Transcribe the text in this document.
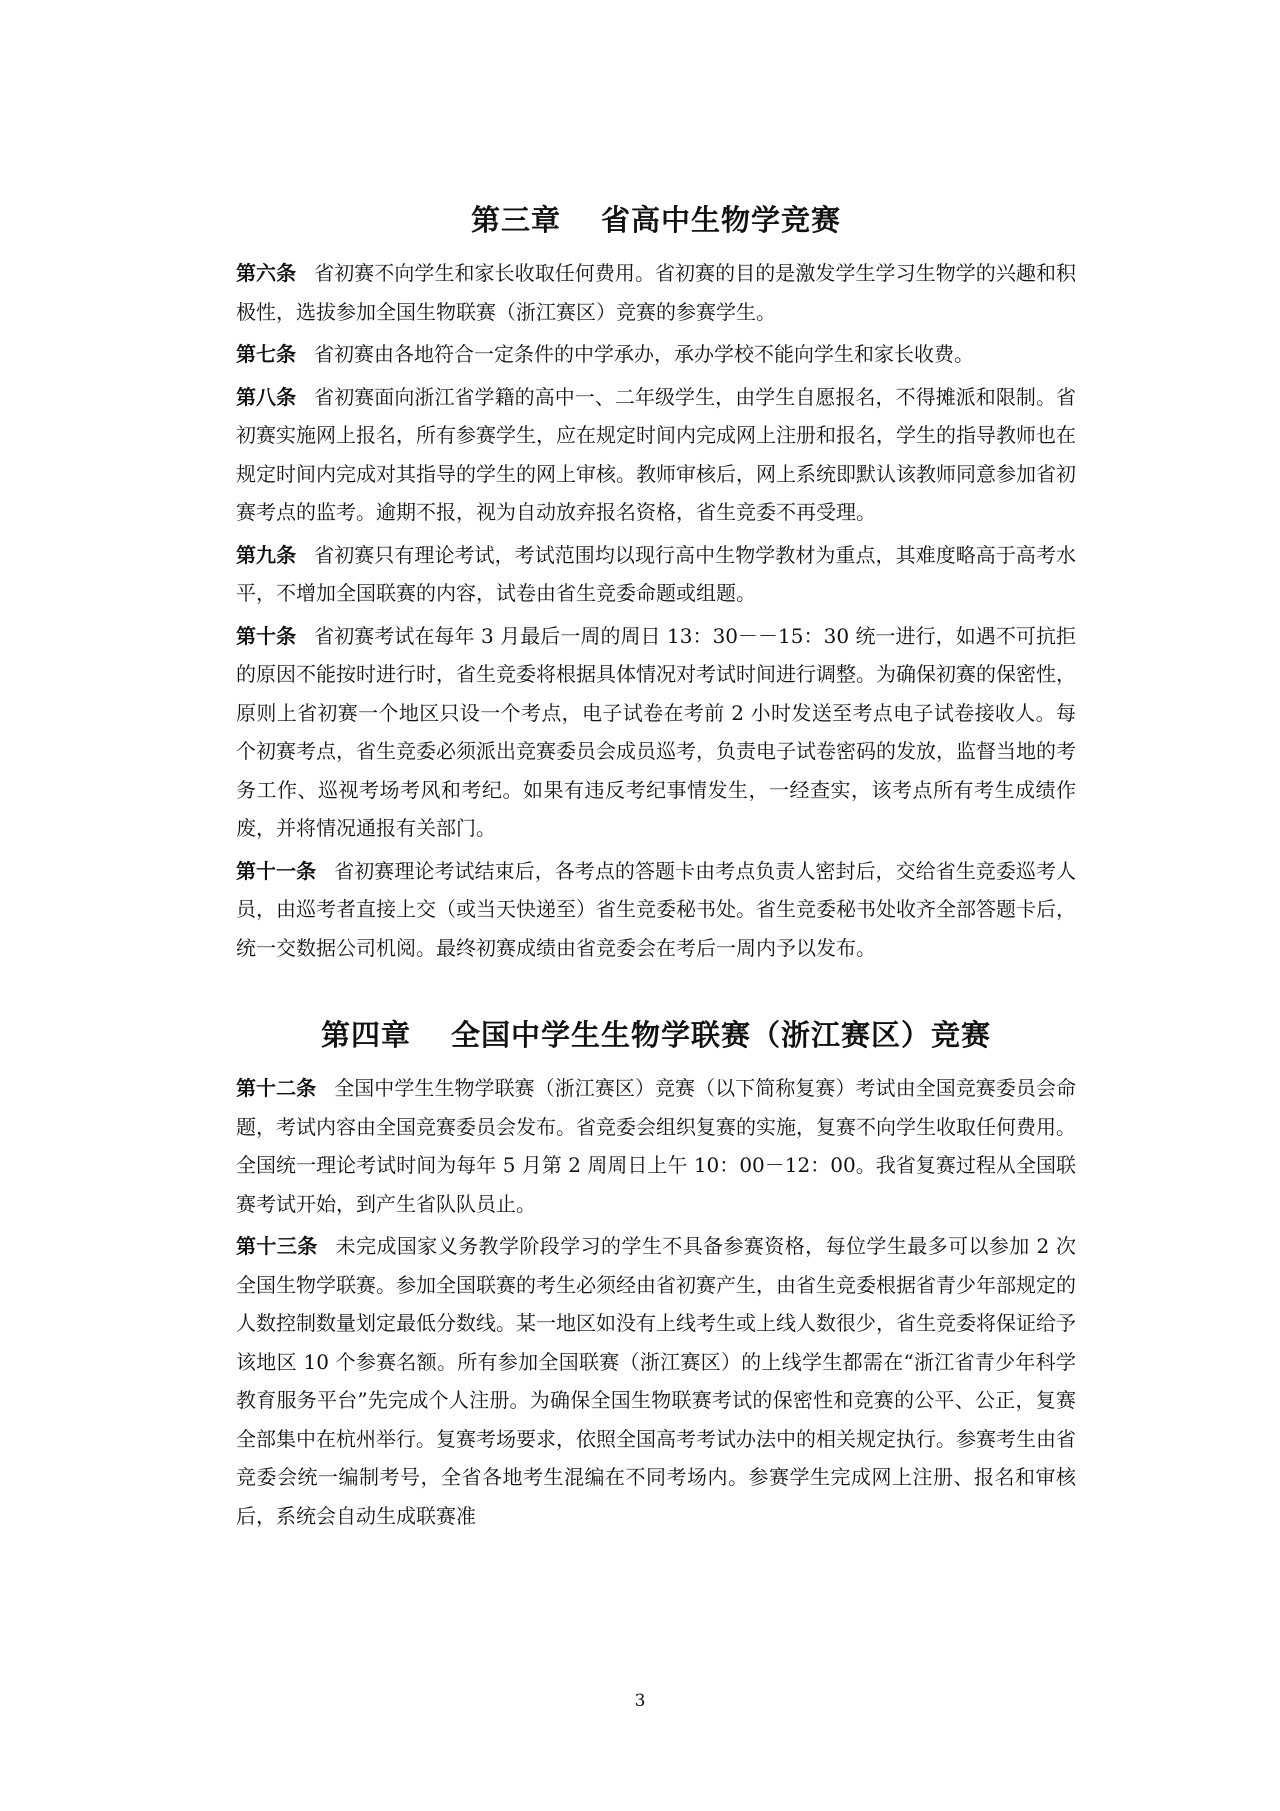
第三章 省高中生物学竞赛

第六条 省初赛不向学生和家长收取任何费用。省初赛的目的是激发学生学习生物学的兴趣和积极性，选拔参加全国生物联赛（浙江赛区）竞赛的参赛学生。

第七条 省初赛由各地符合一定条件的中学承办，承办学校不能向学生和家长收费。

第八条 省初赛面向浙江省学籍的高中一、二年级学生，由学生自愿报名，不得摊派和限制。省初赛实施网上报名，所有参赛学生，应在规定时间内完成网上注册和报名，学生的指导教师也在规定时间内完成对其指导的学生的网上审核。教师审核后，网上系统即默认该教师同意参加省初赛考点的监考。逾期不报，视为自动放弃报名资格，省生竞委不再受理。

第九条 省初赛只有理论考试，考试范围均以现行高中生物学教材为重点，其难度略高于高考水平，不增加全国联赛的内容，试卷由省生竞委命题或组题。

第十条 省初赛考试在每年 3 月最后一周的周日 13：30－－15：30 统一进行，如遇不可抗拒的原因不能按时进行时，省生竞委将根据具体情况对考试时间进行调整。为确保初赛的保密性，原则上省初赛一个地区只设一个考点，电子试卷在考前 2 小时发送至考点电子试卷接收人。每个初赛考点，省生竞委必须派出竞赛委员会成员巡考，负责电子试卷密码的发放，监督当地的考务工作、巡视考场考风和考纪。如果有违反考纪事情发生，一经查实，该考点所有考生成绩作废，并将情况通报有关部门。

第十一条 省初赛理论考试结束后，各考点的答题卡由考点负责人密封后，交给省生竞委巡考人员，由巡考者直接上交（或当天快递至）省生竞委秘书处。省生竞委秘书处收齐全部答题卡后，统一交数据公司机阅。最终初赛成绩由省竞委会在考后一周内予以发布。

第四章 全国中学生生物学联赛（浙江赛区）竞赛

第十二条 全国中学生生物学联赛（浙江赛区）竞赛（以下简称复赛）考试由全国竞赛委员会命题，考试内容由全国竞赛委员会发布。省竞委会组织复赛的实施，复赛不向学生收取任何费用。全国统一理论考试时间为每年 5 月第 2 周周日上午 10：00－12：00。我省复赛过程从全国联赛考试开始，到产生省队队员止。

第十三条 未完成国家义务教学阶段学习的学生不具备参赛资格，每位学生最多可以参加 2 次全国生物学联赛。参加全国联赛的考生必须经由省初赛产生，由省生竞委根据省青少年部规定的人数控制数量划定最低分数线。某一地区如没有上线考生或上线人数很少，省生竞委将保证给予该地区 10 个参赛名额。所有参加全国联赛（浙江赛区）的上线学生都需在“浙江省青少年科学教育服务平台”先完成个人注册。为确保全国生物联赛考试的保密性和竞赛的公平、公正，复赛全部集中在杭州举行。复赛考场要求，依照全国高考考试办法中的相关规定执行。参赛考生由省竞委会统一编制考号，全省各地考生混编在不同考场内。参赛学生完成网上注册、报名和审核后，系统会自动生成联赛准

3
